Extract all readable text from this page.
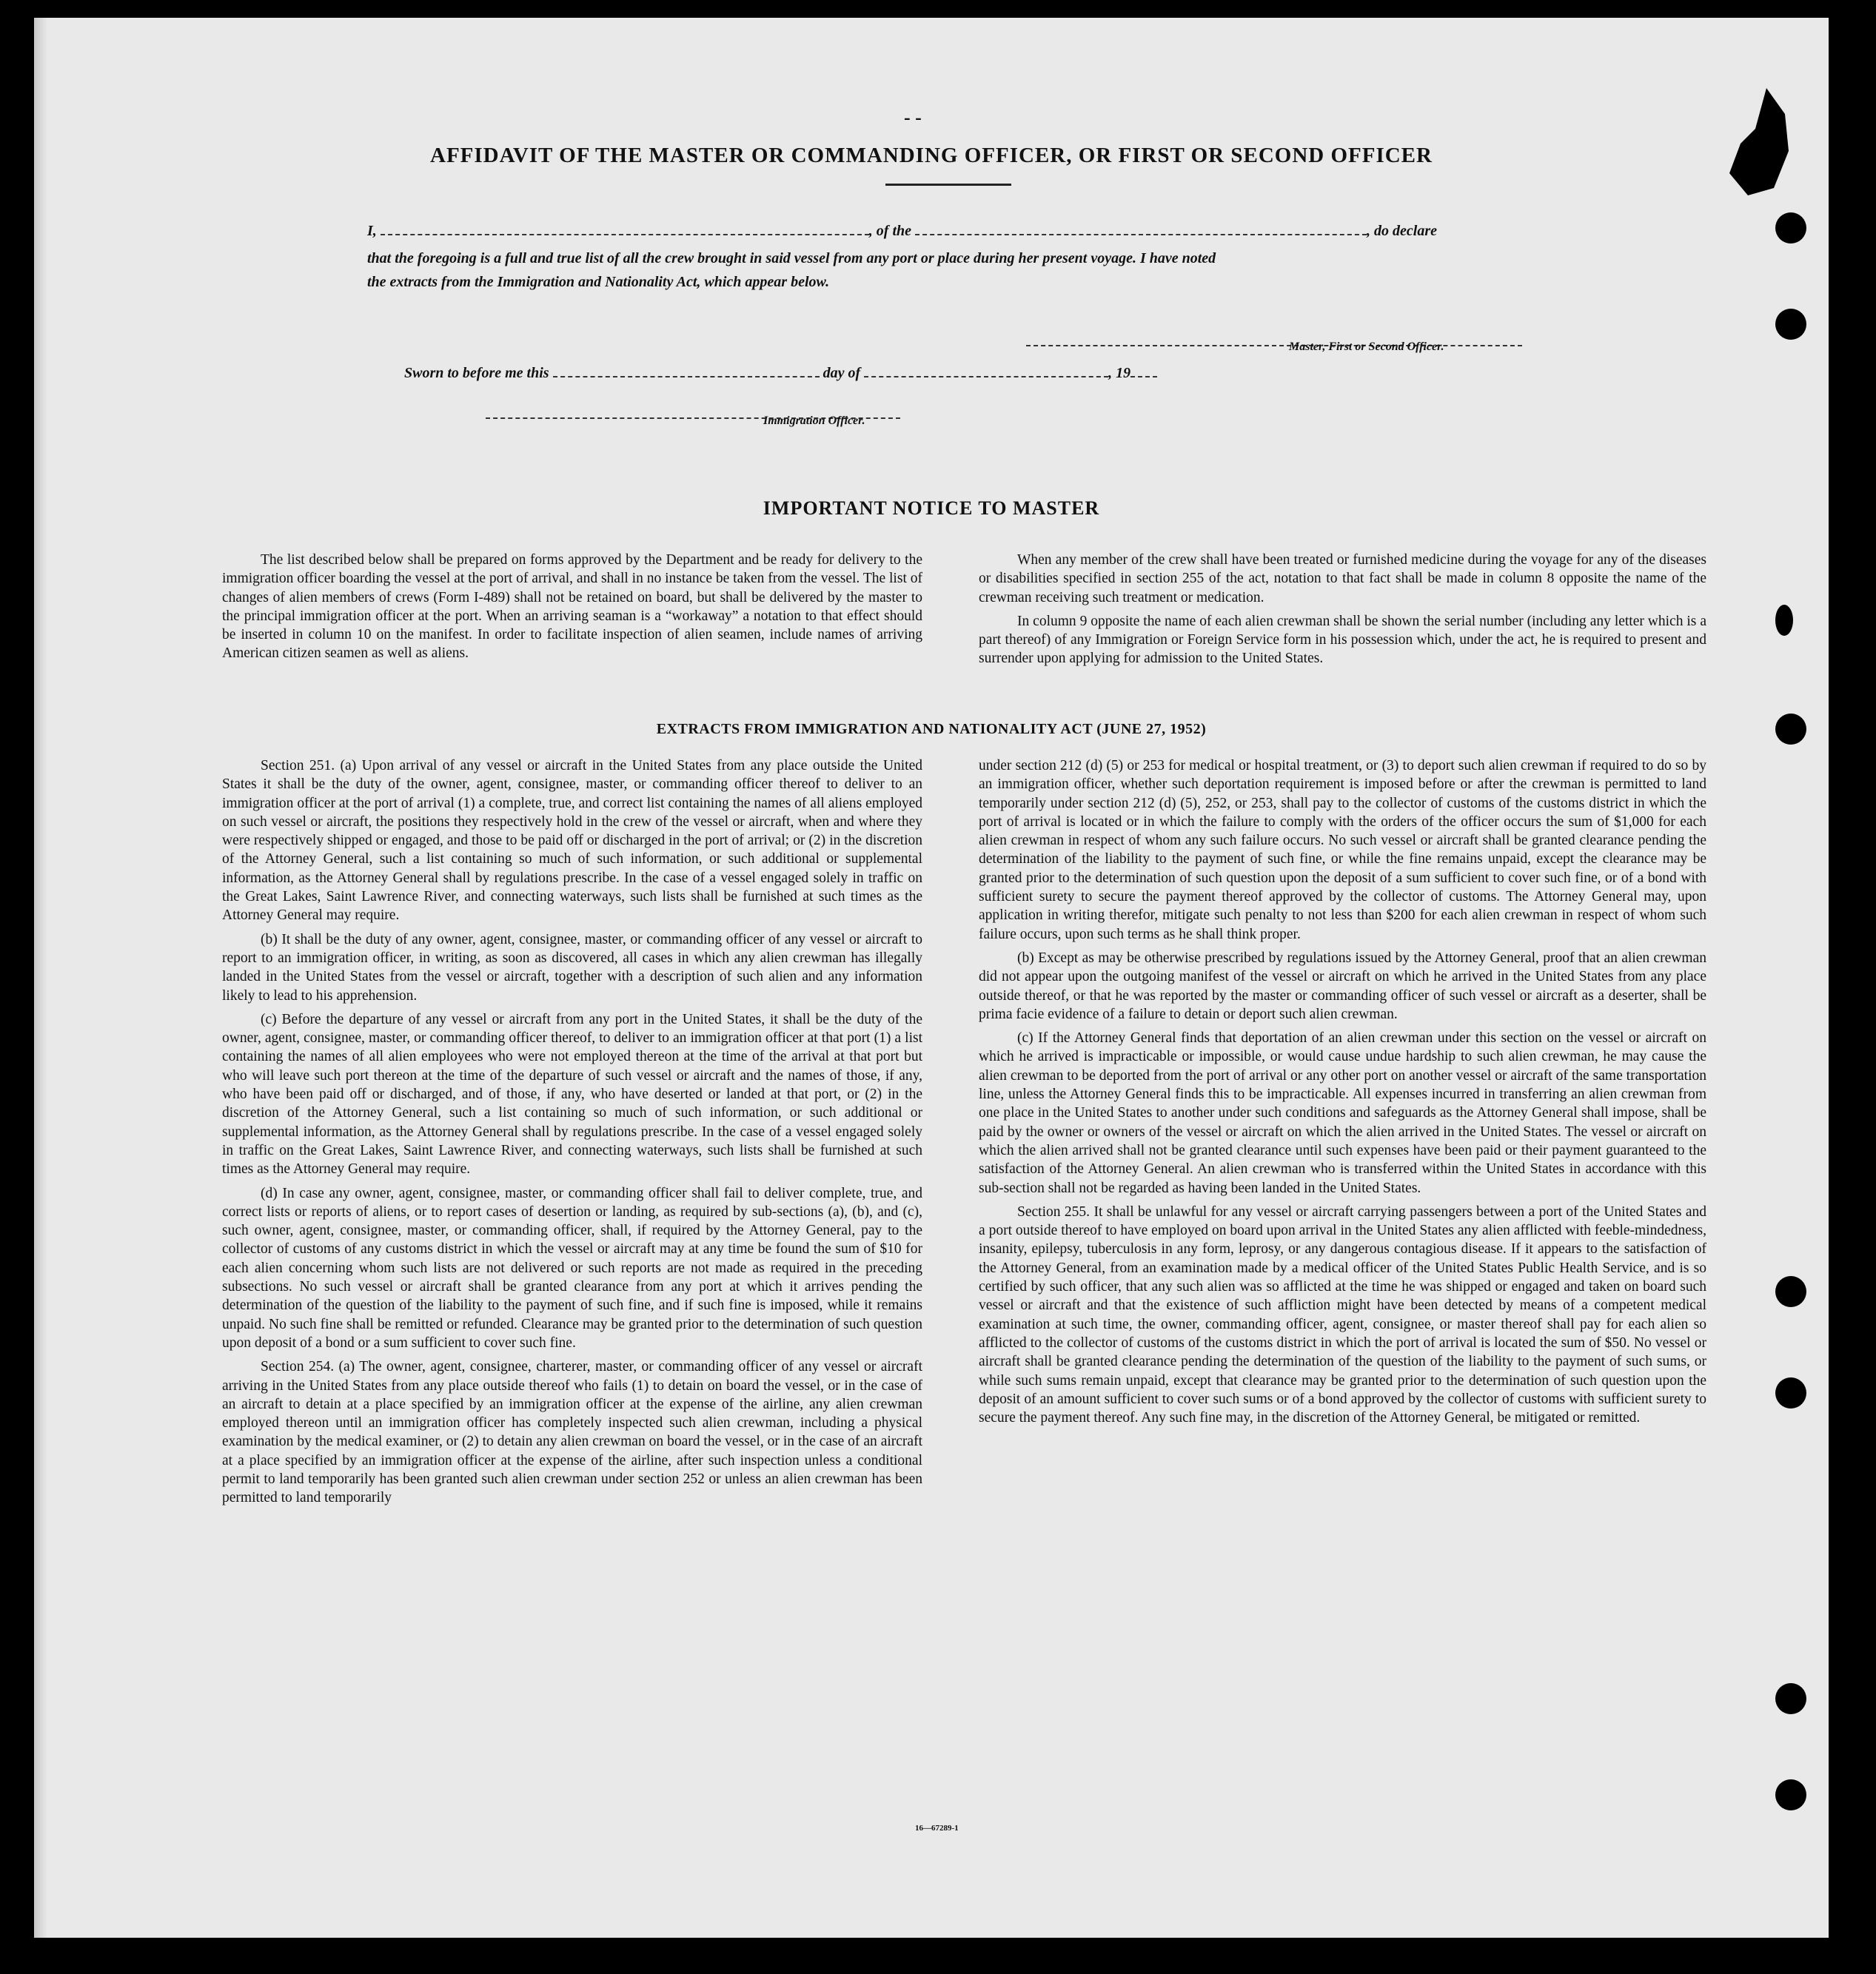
- -
AFFIDAVIT OF THE MASTER OR COMMANDING OFFICER, OR FIRST OR SECOND OFFICER
I,	, of the	, do declare
that the foregoing is a full and true list of all the crew brought in said vessel from any port or place during her present voyage. I have noted
the extracts from the Immigration and Nationality Act, which appear below.
Master, First or Second Officer.
Sworn to before me this	day of	, 19
Immigration Officer.
IMPORTANT NOTICE TO MASTER

The list described below shall be prepared on forms approved by the Department and be ready for delivery to the immigration officer boarding the vessel at the port of arrival, and shall in no instance be taken from the vessel. The list of changes of alien members of crews (Form I-489) shall not be retained on board, but shall be delivered by the master to the principal immigration officer at the port. When an arriving seaman is a “workaway” a notation to that effect should be inserted in column 10 on the manifest. In order to facilitate inspection of alien seamen, include names of arriving American citizen seamen as well as aliens.

When any member of the crew shall have been treated or furnished medicine during the voyage for any of the diseases or disabilities specified in section 255 of the act, notation to that fact shall be made in column 8 opposite the name of the crewman receiving such treatment or medication.

In column 9 opposite the name of each alien crewman shall be shown the serial number (including any letter which is a part thereof) of any Immigration or Foreign Service form in his possession which, under the act, he is required to present and surrender upon applying for admission to the United States.

EXTRACTS FROM IMMIGRATION AND NATIONALITY ACT (JUNE 27, 1952)

Section 251. (a) Upon arrival of any vessel or aircraft in the United States from any place outside the United States it shall be the duty of the owner, agent, consignee, master, or commanding officer thereof to deliver to an immigration officer at the port of arrival (1) a complete, true, and correct list containing the names of all aliens employed on such vessel or aircraft, the positions they respectively hold in the crew of the vessel or aircraft, when and where they were respectively shipped or engaged, and those to be paid off or discharged in the port of arrival; or (2) in the discretion of the Attorney General, such a list containing so much of such information, or such additional or supplemental information, as the Attorney General shall by regulations prescribe. In the case of a vessel engaged solely in traffic on the Great Lakes, Saint Lawrence River, and connecting waterways, such lists shall be furnished at such times as the Attorney General may require.

(b) It shall be the duty of any owner, agent, consignee, master, or commanding officer of any vessel or aircraft to report to an immigration officer, in writing, as soon as discovered, all cases in which any alien crewman has illegally landed in the United States from the vessel or aircraft, together with a description of such alien and any information likely to lead to his apprehension.

(c) Before the departure of any vessel or aircraft from any port in the United States, it shall be the duty of the owner, agent, consignee, master, or commanding officer thereof, to deliver to an immigration officer at that port (1) a list containing the names of all alien employees who were not employed thereon at the time of the arrival at that port but who will leave such port thereon at the time of the departure of such vessel or aircraft and the names of those, if any, who have been paid off or discharged, and of those, if any, who have deserted or landed at that port, or (2) in the discretion of the Attorney General, such a list containing so much of such information, or such additional or supplemental information, as the Attorney General shall by regulations prescribe. In the case of a vessel engaged solely in traffic on the Great Lakes, Saint Lawrence River, and connecting waterways, such lists shall be furnished at such times as the Attorney General may require.

(d) In case any owner, agent, consignee, master, or commanding officer shall fail to deliver complete, true, and correct lists or reports of aliens, or to report cases of desertion or landing, as required by sub-sections (a), (b), and (c), such owner, agent, consignee, master, or commanding officer, shall, if required by the Attorney General, pay to the collector of customs of any customs district in which the vessel or aircraft may at any time be found the sum of $10 for each alien concerning whom such lists are not delivered or such reports are not made as required in the preceding subsections. No such vessel or aircraft shall be granted clearance from any port at which it arrives pending the determination of the question of the liability to the payment of such fine, and if such fine is imposed, while it remains unpaid. No such fine shall be remitted or refunded. Clearance may be granted prior to the determination of such question upon deposit of a bond or a sum sufficient to cover such fine.

Section 254. (a) The owner, agent, consignee, charterer, master, or commanding officer of any vessel or aircraft arriving in the United States from any place outside thereof who fails (1) to detain on board the vessel, or in the case of an aircraft to detain at a place specified by an immigration officer at the expense of the airline, any alien crewman employed thereon until an immigration officer has completely inspected such alien crewman, including a physical examination by the medical examiner, or (2) to detain any alien crewman on board the vessel, or in the case of an aircraft at a place specified by an immigration officer at the expense of the airline, after such inspection unless a conditional permit to land temporarily has been granted such alien crewman under section 252 or unless an alien crewman has been permitted to land temporarily

under section 212 (d) (5) or 253 for medical or hospital treatment, or (3) to deport such alien crewman if required to do so by an immigration officer, whether such deportation requirement is imposed before or after the crewman is permitted to land temporarily under section 212 (d) (5), 252, or 253, shall pay to the collector of customs of the customs district in which the port of arrival is located or in which the failure to comply with the orders of the officer occurs the sum of $1,000 for each alien crewman in respect of whom any such failure occurs. No such vessel or aircraft shall be granted clearance pending the determination of the liability to the payment of such fine, or while the fine remains unpaid, except the clearance may be granted prior to the determination of such question upon the deposit of a sum sufficient to cover such fine, or of a bond with sufficient surety to secure the payment thereof approved by the collector of customs. The Attorney General may, upon application in writing therefor, mitigate such penalty to not less than $200 for each alien crewman in respect of whom such failure occurs, upon such terms as he shall think proper.

(b) Except as may be otherwise prescribed by regulations issued by the Attorney General, proof that an alien crewman did not appear upon the outgoing manifest of the vessel or aircraft on which he arrived in the United States from any place outside thereof, or that he was reported by the master or commanding officer of such vessel or aircraft as a deserter, shall be prima facie evidence of a failure to detain or deport such alien crewman.

(c) If the Attorney General finds that deportation of an alien crewman under this section on the vessel or aircraft on which he arrived is impracticable or impossible, or would cause undue hardship to such alien crewman, he may cause the alien crewman to be deported from the port of arrival or any other port on another vessel or aircraft of the same transportation line, unless the Attorney General finds this to be impracticable. All expenses incurred in transferring an alien crewman from one place in the United States to another under such conditions and safeguards as the Attorney General shall impose, shall be paid by the owner or owners of the vessel or aircraft on which the alien arrived in the United States. The vessel or aircraft on which the alien arrived shall not be granted clearance until such expenses have been paid or their payment guaranteed to the satisfaction of the Attorney General. An alien crewman who is transferred within the United States in accordance with this sub-section shall not be regarded as having been landed in the United States.

Section 255. It shall be unlawful for any vessel or aircraft carrying passengers between a port of the United States and a port outside thereof to have employed on board upon arrival in the United States any alien afflicted with feeble-mindedness, insanity, epilepsy, tuberculosis in any form, leprosy, or any dangerous contagious disease. If it appears to the satisfaction of the Attorney General, from an examination made by a medical officer of the United States Public Health Service, and is so certified by such officer, that any such alien was so afflicted at the time he was shipped or engaged and taken on board such vessel or aircraft and that the existence of such affliction might have been detected by means of a competent medical examination at such time, the owner, commanding officer, agent, consignee, or master thereof shall pay for each alien so afflicted to the collector of customs of the customs district in which the port of arrival is located the sum of $50. No vessel or aircraft shall be granted clearance pending the determination of the question of the liability to the payment of such sums, or while such sums remain unpaid, except that clearance may be granted prior to the determination of such question upon the deposit of an amount sufficient to cover such sums or of a bond approved by the collector of customs with sufficient surety to secure the payment thereof. Any such fine may, in the discretion of the Attorney General, be mitigated or remitted.

16—67289-1
